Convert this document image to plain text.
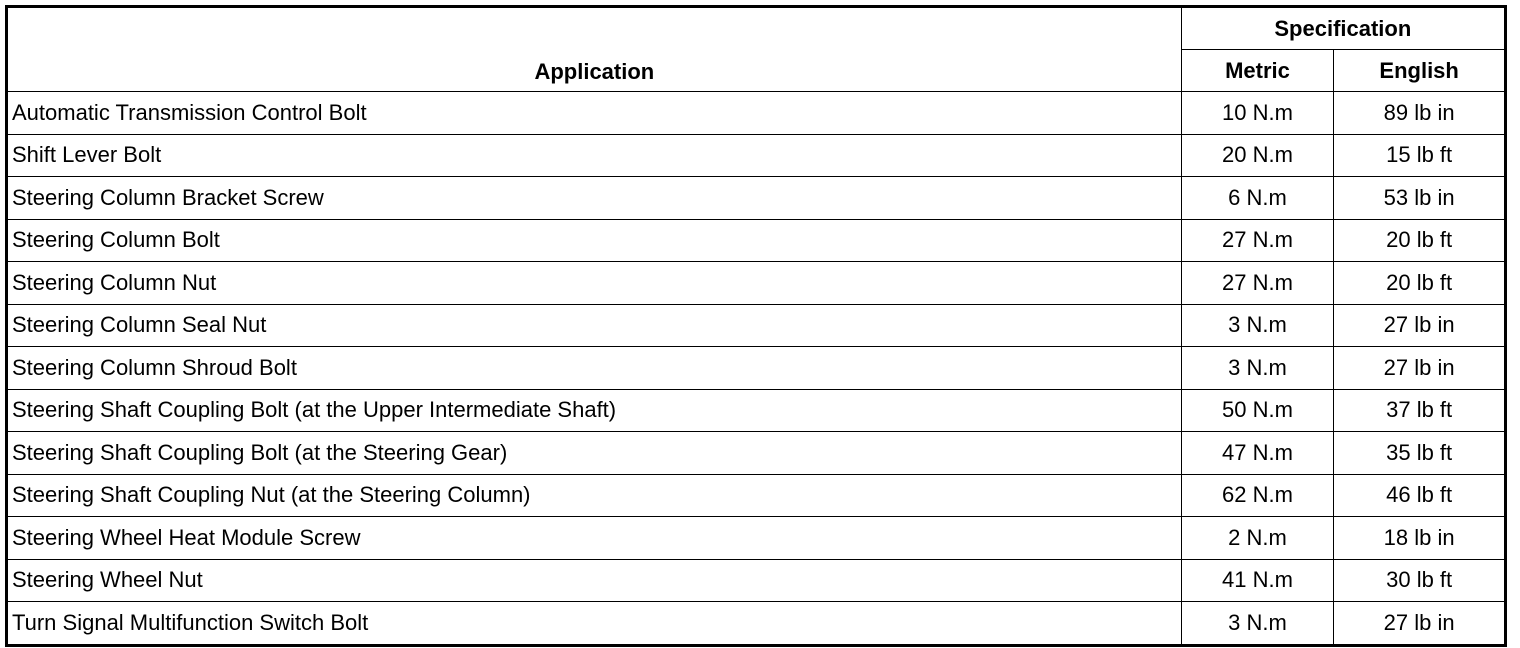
Application	Specification	
	Metric	English
Automatic Transmission Control Bolt	10 N.m	89 lb in
Shift Lever Bolt	20 N.m	15 lb ft
Steering Column Bracket Screw	6 N.m	53 lb in
Steering Column Bolt	27 N.m	20 lb ft
Steering Column Nut	27 N.m	20 lb ft
Steering Column Seal Nut	3 N.m	27 lb in
Steering Column Shroud Bolt	3 N.m	27 lb in
Steering Shaft Coupling Bolt (at the Upper Intermediate Shaft)	50 N.m	37 lb ft
Steering Shaft Coupling Bolt (at the Steering Gear)	47 N.m	35 lb ft
Steering Shaft Coupling Nut (at the Steering Column)	62 N.m	46 lb ft
Steering Wheel Heat Module Screw	2 N.m	18 lb in
Steering Wheel Nut	41 N.m	30 lb ft
Turn Signal Multifunction Switch Bolt	3 N.m	27 lb in
